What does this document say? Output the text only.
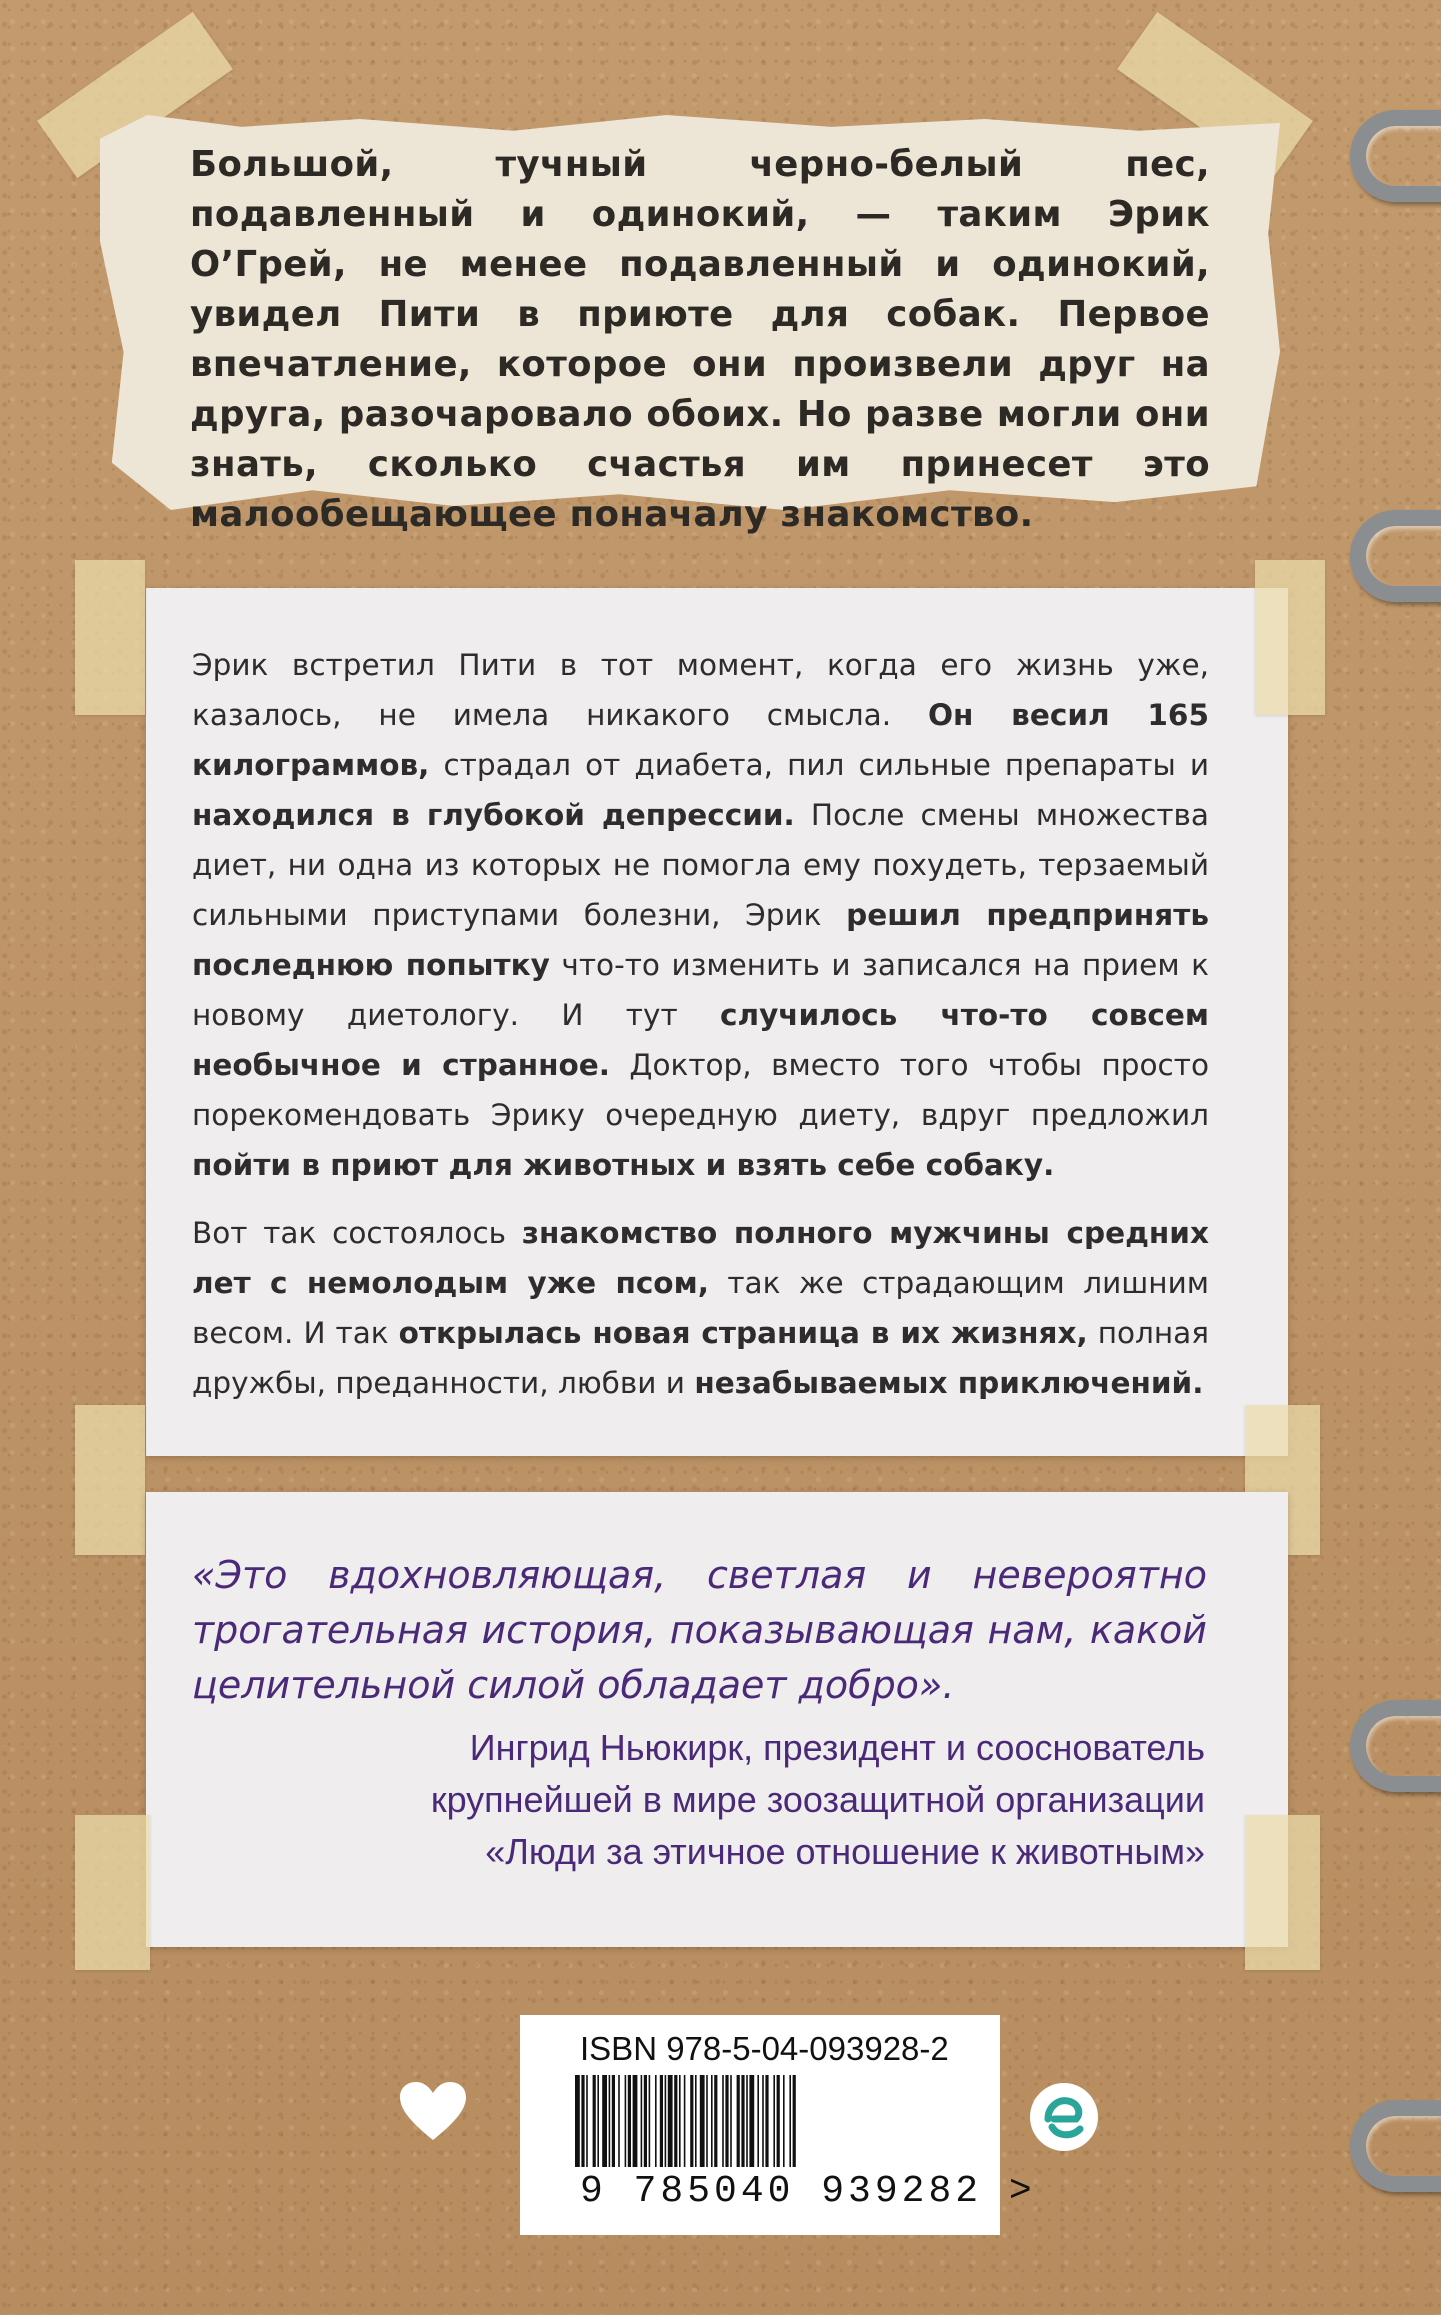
Большой, тучный черно-белый пес, подавленный и одинокий, — таким Эрик О’Грей, не менее подавленный и одинокий, увидел Пити в приюте для собак. Первое впечатление, которое они произвели друг на друга, разочаровало обоих. Но разве могли они знать, сколько счастья им принесет это малообещающее поначалу знакомство.

Эрик встретил Пити в тот момент, когда его жизнь уже, казалось, не имела никакого смысла. Он весил 165 килограммов, страдал от диабета, пил сильные препараты и находился в глубокой депрессии. После смены множества диет, ни одна из которых не помогла ему похудеть, терзаемый сильными приступами болезни, Эрик решил предпринять последнюю попытку что-то изменить и записался на прием к новому диетологу. И тут случилось что-то совсем необычное и странное. Доктор, вместо того чтобы просто порекомендовать Эрику очередную диету, вдруг предложил пойти в приют для животных и взять себе собаку.

Вот так состоялось знакомство полного мужчины средних лет с немолодым уже псом, так же страдающим лишним весом. И так открылась новая страница в их жизнях, полная дружбы, преданности, любви и незабываемых приключений.

«Это вдохновляющая, светлая и невероятно трогательная история, показывающая нам, какой целительной силой обладает добро».

Ингрид Ньюкирк, президент и сооснователь
крупнейшей в мире зоозащитной организации
«Люди за этичное отношение к животным»
ISBN 978-5-04-093928-2
9 785040 939282 >
